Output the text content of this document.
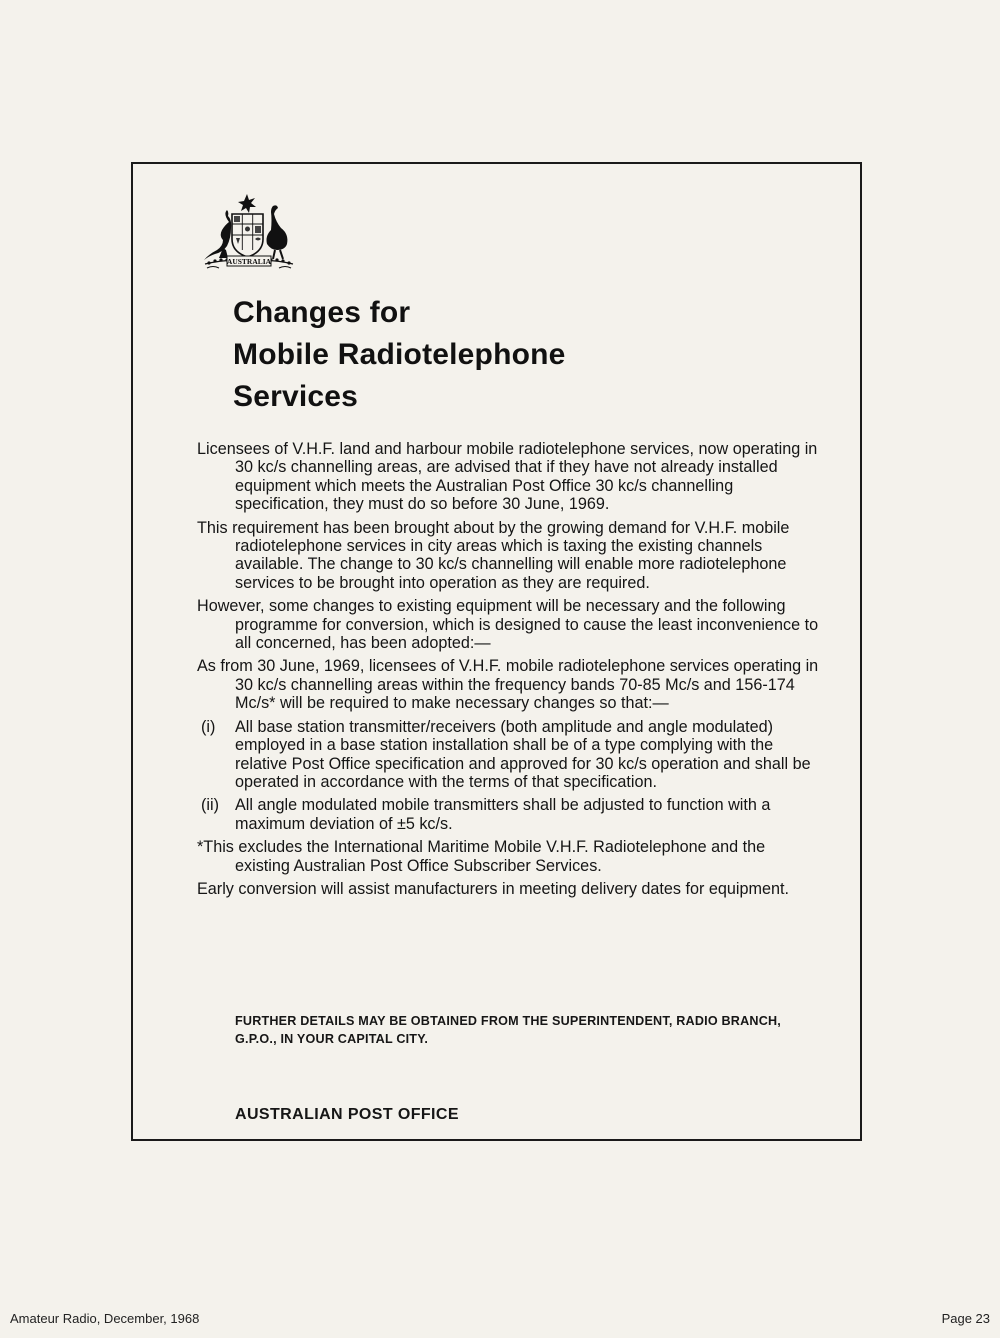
AUSTRALIA
Changes for
Mobile Radiotelephone
Services

Licensees of V.H.F. land and harbour mobile radiotelephone services, now operating in 30 kc/s channelling areas, are advised that if they have not already installed equipment which meets the Australian Post Office 30 kc/s channelling specification, they must do so before 30 June, 1969.

This requirement has been brought about by the growing demand for V.H.F. mobile radiotelephone services in city areas which is taxing the existing channels available. The change to 30 kc/s channelling will enable more radiotelephone services to be brought into operation as they are required.

However, some changes to existing equipment will be necessary and the following programme for conversion, which is designed to cause the least inconvenience to all concerned, has been adopted:—

As from 30 June, 1969, licensees of V.H.F. mobile radiotelephone services operating in 30 kc/s channelling areas within the frequency bands 70-85 Mc/s and 156-174 Mc/s* will be required to make necessary changes so that:—

(i) All base station transmitter/receivers (both amplitude and angle modulated) employed in a base station installation shall be of a type complying with the relative Post Office specification and approved for 30 kc/s operation and shall be operated in accordance with the terms of that specification.
(ii) All angle modulated mobile transmitters shall be adjusted to function with a maximum deviation of ±5 kc/s.

*This excludes the International Maritime Mobile V.H.F. Radiotelephone and the existing Australian Post Office Subscriber Services.

Early conversion will assist manufacturers in meeting delivery dates for equipment.

FURTHER DETAILS MAY BE OBTAINED FROM THE SUPERINTENDENT, RADIO BRANCH, G.P.O., IN YOUR CAPITAL CITY.
AUSTRALIAN POST OFFICE
Amateur Radio, December, 1968	Page 23
